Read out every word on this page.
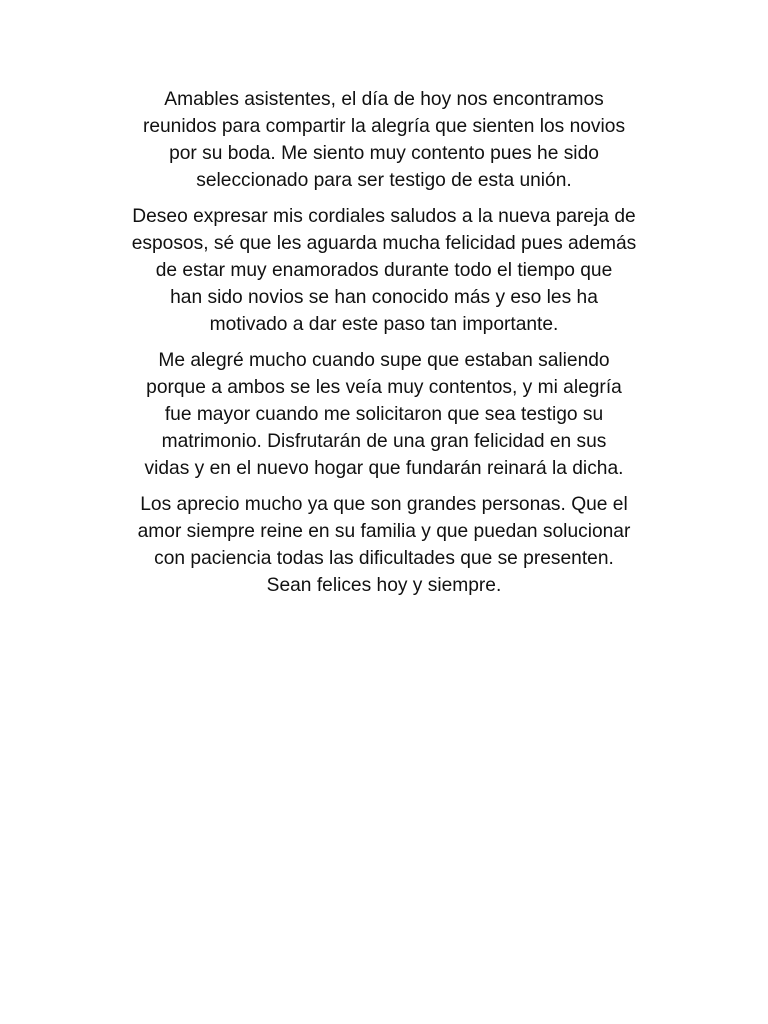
Amables asistentes, el día de hoy nos encontramos
reunidos para compartir la alegría que sienten los novios
por su boda. Me siento muy contento pues he sido
seleccionado para ser testigo de esta unión.

Deseo expresar mis cordiales saludos a la nueva pareja de
esposos, sé que les aguarda mucha felicidad pues además
de estar muy enamorados durante todo el tiempo que
han sido novios se han conocido más y eso les ha
motivado a dar este paso tan importante.

Me alegré mucho cuando supe que estaban saliendo
porque a ambos se les veía muy contentos, y mi alegría
fue mayor cuando me solicitaron que sea testigo su
matrimonio. Disfrutarán de una gran felicidad en sus
vidas y en el nuevo hogar que fundarán reinará la dicha.

Los aprecio mucho ya que son grandes personas. Que el
amor siempre reine en su familia y que puedan solucionar
con paciencia todas las dificultades que se presenten.
Sean felices hoy y siempre.
